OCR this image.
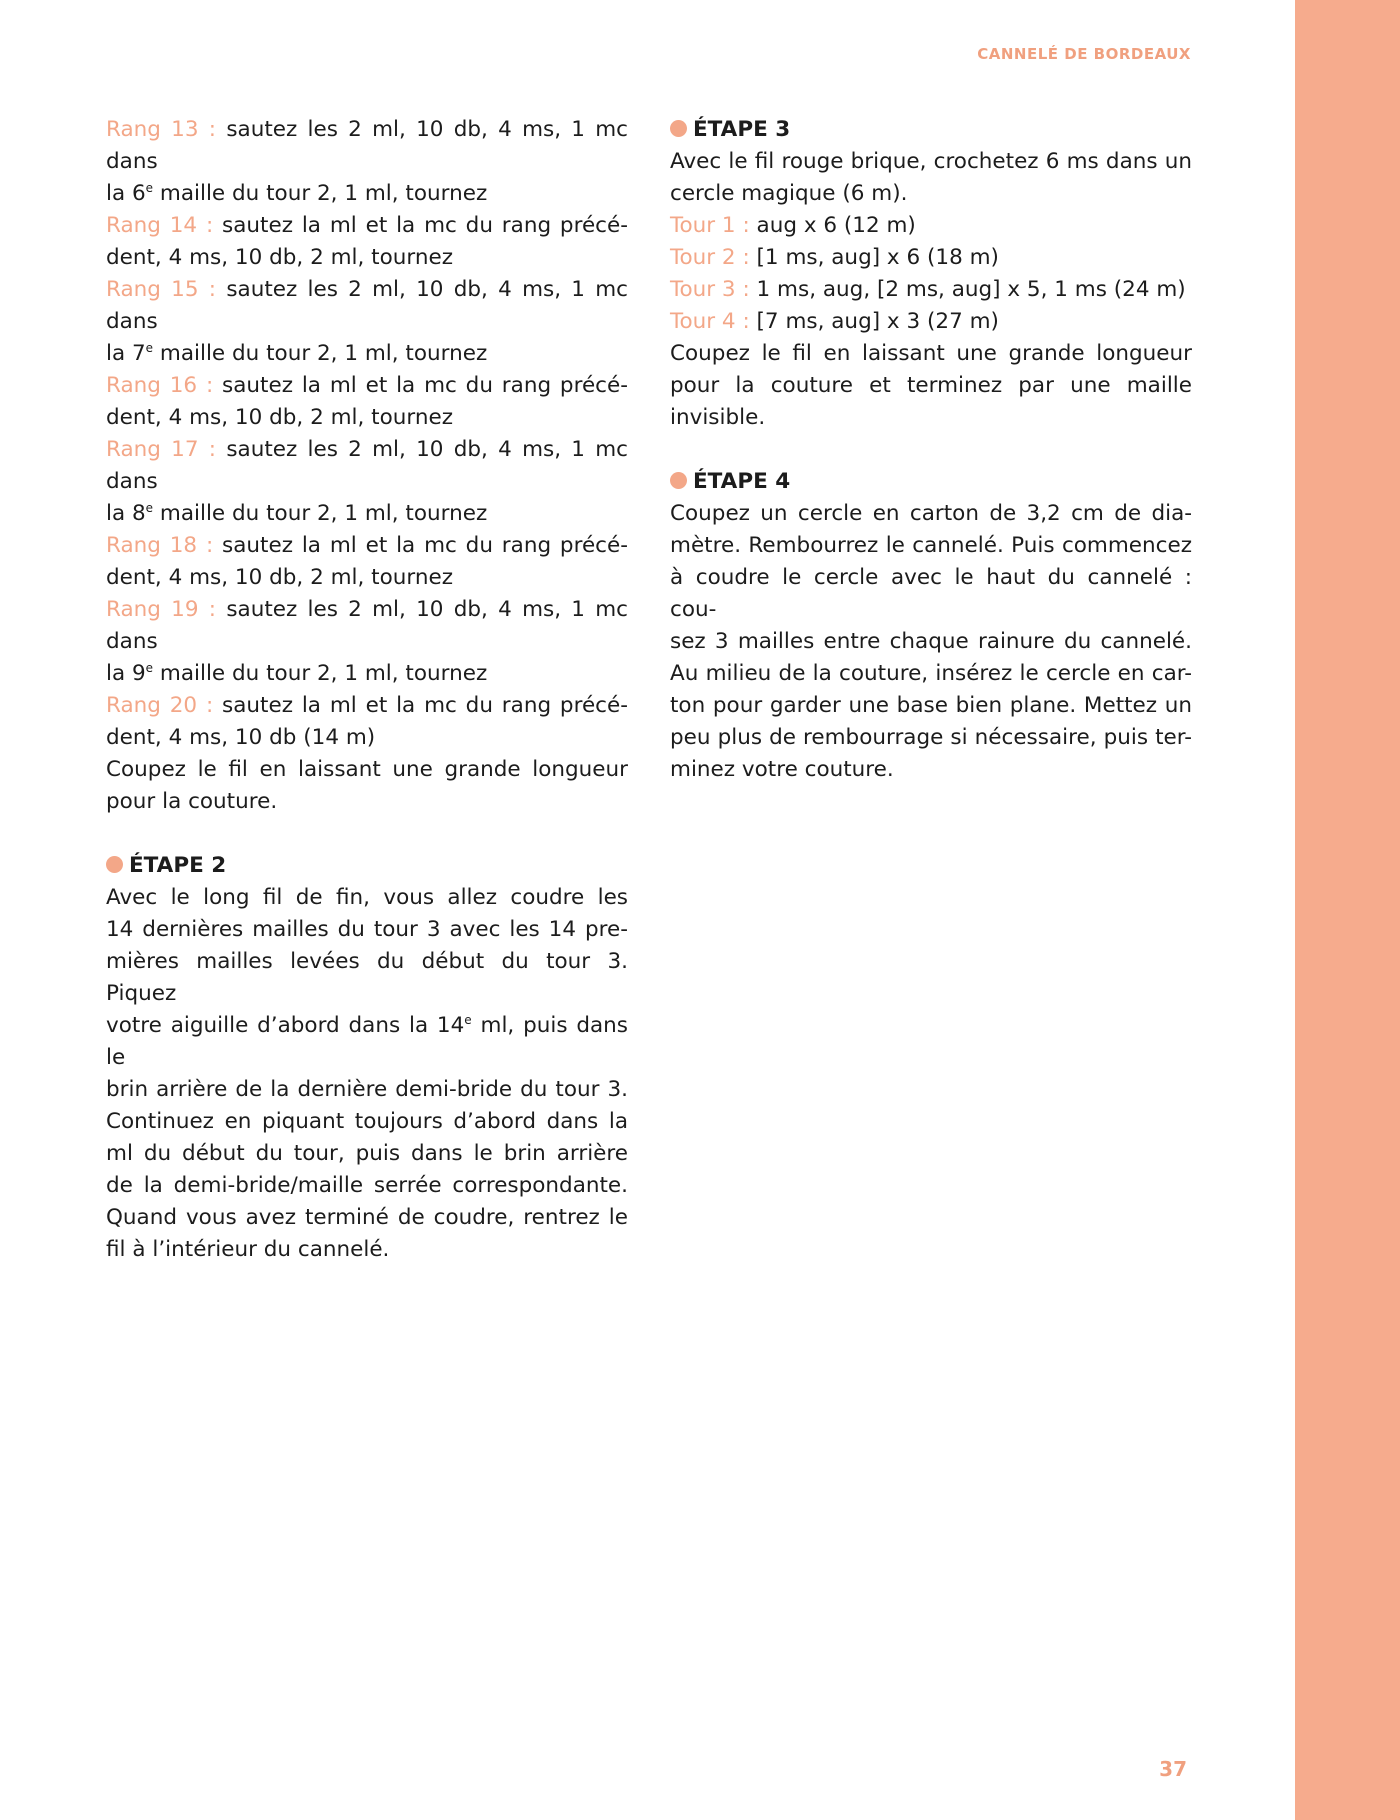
CANNELÉ DE BORDEAUX
Rang 13 : sautez les 2 ml, 10 db, 4 ms, 1 mc dans
la 6e maille du tour 2, 1 ml, tournez
Rang 14 : sautez la ml et la mc du rang précé-
dent, 4 ms, 10 db, 2 ml, tournez
Rang 15 : sautez les 2 ml, 10 db, 4 ms, 1 mc dans
la 7e maille du tour 2, 1 ml, tournez
Rang 16 : sautez la ml et la mc du rang précé-
dent, 4 ms, 10 db, 2 ml, tournez
Rang 17 : sautez les 2 ml, 10 db, 4 ms, 1 mc dans
la 8e maille du tour 2, 1 ml, tournez
Rang 18 : sautez la ml et la mc du rang précé-
dent, 4 ms, 10 db, 2 ml, tournez
Rang 19 : sautez les 2 ml, 10 db, 4 ms, 1 mc dans
la 9e maille du tour 2, 1 ml, tournez
Rang 20 : sautez la ml et la mc du rang précé-
dent, 4 ms, 10 db (14 m)
Coupez le fil en laissant une grande longueur
pour la couture.
ÉTAPE 2
Avec le long fil de fin, vous allez coudre les
14 dernières mailles du tour 3 avec les 14 pre-
mières mailles levées du début du tour 3. Piquez
votre aiguille d’abord dans la 14e ml, puis dans le
brin arrière de la dernière demi-bride du tour 3.
Continuez en piquant toujours d’abord dans la
ml du début du tour, puis dans le brin arrière
de la demi-bride/maille serrée correspondante.
Quand vous avez terminé de coudre, rentrez le
fil à l’intérieur du cannelé.
ÉTAPE 3
Avec le fil rouge brique, crochetez 6 ms dans un
cercle magique (6 m).
Tour 1 : aug x 6 (12 m)
Tour 2 : [1 ms, aug] x 6 (18 m)
Tour 3 : 1 ms, aug, [2 ms, aug] x 5, 1 ms (24 m)
Tour 4 : [7 ms, aug] x 3 (27 m)
Coupez le fil en laissant une grande longueur
pour la couture et terminez par une maille
invisible.
ÉTAPE 4
Coupez un cercle en carton de 3,2 cm de dia-
mètre. Rembourrez le cannelé. Puis commencez
à coudre le cercle avec le haut du cannelé : cou-
sez 3 mailles entre chaque rainure du cannelé.
Au milieu de la couture, insérez le cercle en car-
ton pour garder une base bien plane. Mettez un
peu plus de rembourrage si nécessaire, puis ter-
minez votre couture.
37
